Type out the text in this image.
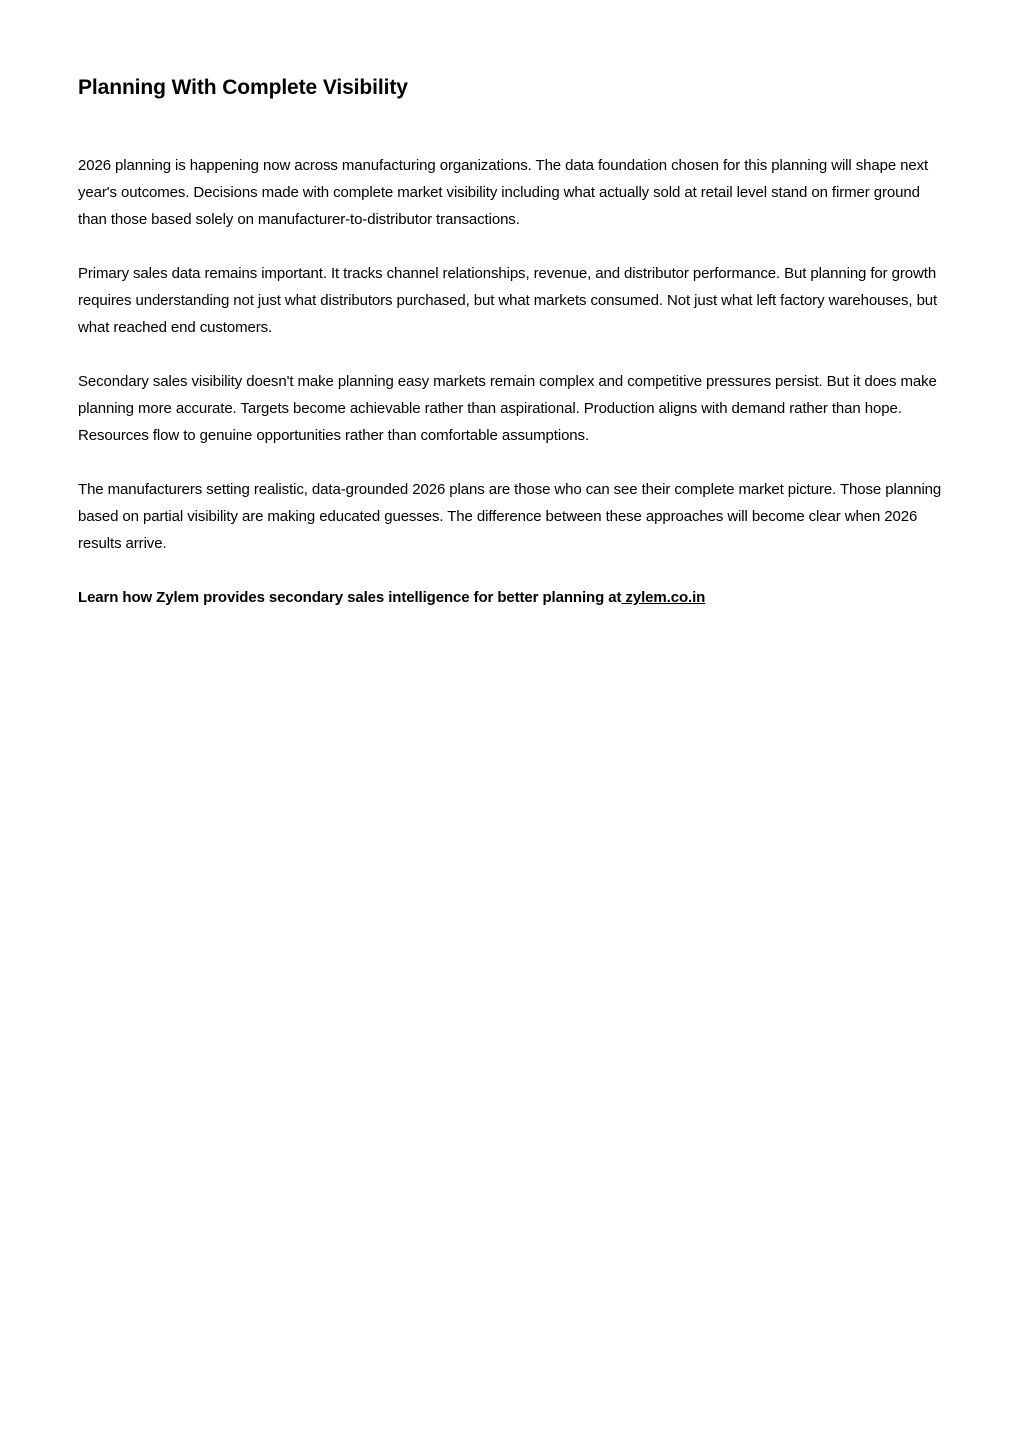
Planning With Complete Visibility

2026 planning is happening now across manufacturing organizations. The data foundation chosen for this planning will shape next year's outcomes. Decisions made with complete market visibility including what actually sold at retail level stand on firmer ground than those based solely on manufacturer-to-distributor transactions.

Primary sales data remains important. It tracks channel relationships, revenue, and distributor performance. But planning for growth requires understanding not just what distributors purchased, but what markets consumed. Not just what left factory warehouses, but what reached end customers.

Secondary sales visibility doesn't make planning easy markets remain complex and competitive pressures persist. But it does make planning more accurate. Targets become achievable rather than aspirational. Production aligns with demand rather than hope. Resources flow to genuine opportunities rather than comfortable assumptions.

The manufacturers setting realistic, data-grounded 2026 plans are those who can see their complete market picture. Those planning based on partial visibility are making educated guesses. The difference between these approaches will become clear when 2026 results arrive.

Learn how Zylem provides secondary sales intelligence for better planning at zylem.co.in
